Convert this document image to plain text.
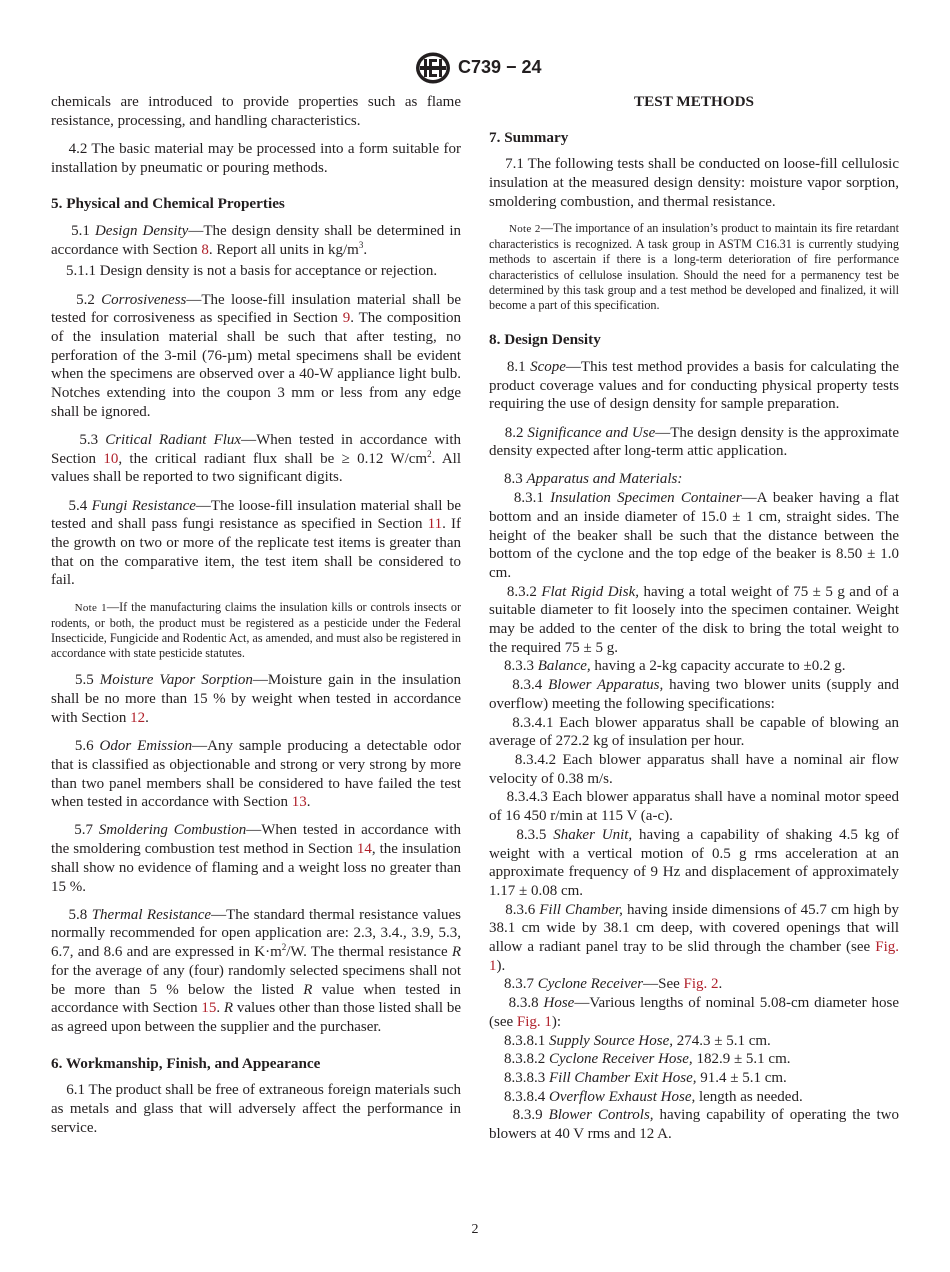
C739 − 24

chemicals are introduced to provide properties such as flame resistance, processing, and handling characteristics.

4.2 The basic material may be processed into a form suitable for installation by pneumatic or pouring methods.

5. Physical and Chemical Properties

5.1 Design Density—The design density shall be determined in accordance with Section 8. Report all units in $kg/m^3$.

5.1.1 Design density is not a basis for acceptance or rejection.

5.2 Corrosiveness—The loose-fill insulation material shall be tested for corrosiveness as specified in Section 9. The composition of the insulation material shall be such that after testing, no perforation of the 3-mil (76-µm) metal specimens shall be evident when the specimens are observed over a 40-W appliance light bulb. Notches extending into the coupon 3 mm or less from any edge shall be ignored.

5.3 Critical Radiant Flux—When tested in accordance with Section 10, the critical radiant flux shall be ≥ 0.12 $W/cm^2$. All values shall be reported to two significant digits.

5.4 Fungi Resistance—The loose-fill insulation material shall be tested and shall pass fungi resistance as specified in Section 11. If the growth on two or more of the replicate test items is greater than that on the comparative item, the test item shall be considered to fail.

Note 1—If the manufacturing claims the insulation kills or controls insects or rodents, or both, the product must be registered as a pesticide under the Federal Insecticide, Fungicide and Rodentic Act, as amended, and must also be registered in accordance with state pesticide statutes.

5.5 Moisture Vapor Sorption—Moisture gain in the insulation shall be no more than 15 % by weight when tested in accordance with Section 12.

5.6 Odor Emission—Any sample producing a detectable odor that is classified as objectionable and strong or very strong by more than two panel members shall be considered to have failed the test when tested in accordance with Section 13.

5.7 Smoldering Combustion—When tested in accordance with the smoldering combustion test method in Section 14, the insulation shall show no evidence of flaming and a weight loss no greater than 15 %.

5.8 Thermal Resistance—The standard thermal resistance values normally recommended for open application are: 2.3, 3.4., 3.9, 5.3, 6.7, and 8.6 and are expressed in $K\cdot m^2/W$. The thermal resistance R for the average of any (four) randomly selected specimens shall not be more than 5 % below the listed R value when tested in accordance with Section 15. R values other than those listed shall be as agreed upon between the supplier and the purchaser.

6. Workmanship, Finish, and Appearance

6.1 The product shall be free of extraneous foreign materials such as metals and glass that will adversely affect the performance in service.

TEST METHODS
7. Summary

7.1 The following tests shall be conducted on loose-fill cellulosic insulation at the measured design density: moisture vapor sorption, smoldering combustion, and thermal resistance.

Note 2—The importance of an insulation’s product to maintain its fire retardant characteristics is recognized. A task group in ASTM C16.31 is currently studying methods to ascertain if there is a long-term deterioration of fire performance characteristics of cellulose insulation. Should the need for a permanency test be determined by this task group and a test method be developed and finalized, it will become a part of this specification.

8. Design Density

8.1 Scope—This test method provides a basis for calculating the product coverage values and for conducting physical property tests requiring the use of design density for sample preparation.

8.2 Significance and Use—The design density is the approximate density expected after long-term attic application.

8.3 Apparatus and Materials:

8.3.1 Insulation Specimen Container—A beaker having a flat bottom and an inside diameter of 15.0 ± 1 cm, straight sides. The height of the beaker shall be such that the distance between the bottom of the cyclone and the top edge of the beaker is 8.50 ± 1.0 cm.

8.3.2 Flat Rigid Disk, having a total weight of 75 ± 5 g and of a suitable diameter to fit loosely into the specimen container. Weight may be added to the center of the disk to bring the total weight to the required 75 ± 5 g.

8.3.3 Balance, having a 2-kg capacity accurate to ±0.2 g.

8.3.4 Blower Apparatus, having two blower units (supply and overflow) meeting the following specifications:

8.3.4.1 Each blower apparatus shall be capable of blowing an average of 272.2 kg of insulation per hour.

8.3.4.2 Each blower apparatus shall have a nominal air flow velocity of 0.38 m/s.

8.3.4.3 Each blower apparatus shall have a nominal motor speed of 16 450 r/min at 115 V (a-c).

8.3.5 Shaker Unit, having a capability of shaking 4.5 kg of weight with a vertical motion of 0.5 g rms acceleration at an approximate frequency of 9 Hz and displacement of approximately 1.17 ± 0.08 cm.

8.3.6 Fill Chamber, having inside dimensions of 45.7 cm high by 38.1 cm wide by 38.1 cm deep, with covered openings that will allow a radiant panel tray to be slid through the chamber (see Fig. 1).

8.3.7 Cyclone Receiver—See Fig. 2.

8.3.8 Hose—Various lengths of nominal 5.08-cm diameter hose (see Fig. 1):

8.3.8.1 Supply Source Hose, 274.3 ± 5.1 cm.

8.3.8.2 Cyclone Receiver Hose, 182.9 ± 5.1 cm.

8.3.8.3 Fill Chamber Exit Hose, 91.4 ± 5.1 cm.

8.3.8.4 Overflow Exhaust Hose, length as needed.

8.3.9 Blower Controls, having capability of operating the two blowers at 40 V rms and 12 A.

2
